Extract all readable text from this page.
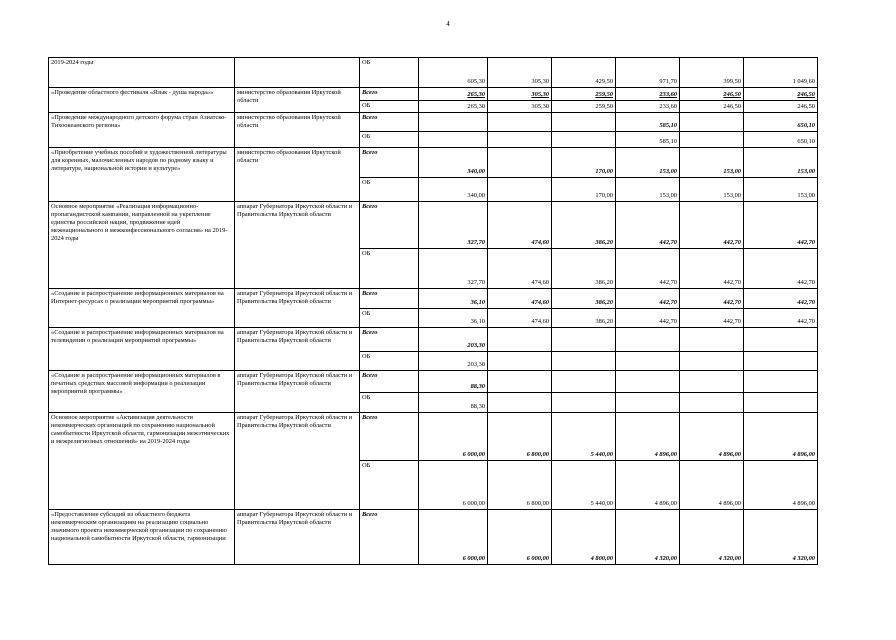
4
2019-2024 годы		ОБ	605,30	305,30	429,50	971,70	399,50	1 049,60
«Проведение областного фестиваля «Язык - душа народа»»	министерство образования Иркутской области	Всего	265,30	305,30	259,50	233,60	246,50	246,50
		ОБ	265,30	305,30	259,50	233,60	246,50	246,50
«Проведение международного детского форума стран Азиатско-Тихоокеанского региона»	министерство образования Иркутской области	Всего				585,10		650,10
		ОБ				585,10		650,10
«Приобретение учебных пособий и художественной литературы для коренных, малочисленных народов по родному языку и литературе, национальной истории и культуре»	министерство образования Иркутской области	Всего	340,00		170,00	153,00	153,00	153,00
		ОБ	340,00		170,00	153,00	153,00	153,00
Основное мероприятие «Реализация информационно-пропагандистской кампании, направленной на укрепление единства российской нации, продвижение идей межнационального и межконфессионального согласия» на 2019-2024 годы	аппарат Губернатора Иркутской области и Правительства Иркутской области	Всего	327,70	474,60	386,20	442,70	442,70	442,70
		ОБ	327,70	474,60	386,20	442,70	442,70	442,70
«Создание и распространение информационных материалов на Интернет-ресурсах о реализации мероприятий программы»	аппарат Губернатора Иркутской области и Правительства Иркутской области	Всего	36,10	474,60	386,20	442,70	442,70	442,70
		ОБ	36,10	474,60	386,20	442,70	442,70	442,70
«Создание и распространение информационных материалов на телевидении о реализации мероприятий программы»	аппарат Губернатора Иркутской области и Правительства Иркутской области	Всего	203,30					
		ОБ	203,30					
«Создание и распространение информационных материалов в печатных средствах массовой информации о реализации мероприятий программы»	аппарат Губернатора Иркутской области и Правительства Иркутской области	Всего	88,30					
		ОБ	88,30					
Основное мероприятие «Активизация деятельности некоммерческих организаций по сохранению национальной самобытности Иркутской области, гармонизации межэтнических и межрелигиозных отношений» на 2019-2024 годы	аппарат Губернатора Иркутской области и Правительства Иркутской области	Всего	6 000,00	6 800,00	5 440,00	4 896,00	4 896,00	4 896,00
		ОБ	6 000,00	6 800,00	5 440,00	4 896,00	4 896,00	4 896,00
«Предоставление субсидий из областного бюджета некоммерческим организациям на реализацию социально значимого проекта некоммерческой организации по сохранению национальной самобытности Иркутской области, гармонизации	аппарат Губернатора Иркутской области и Правительства Иркутской области	Всего	6 000,00	6 000,00	4 800,00	4 320,00	4 320,00	4 320,00
